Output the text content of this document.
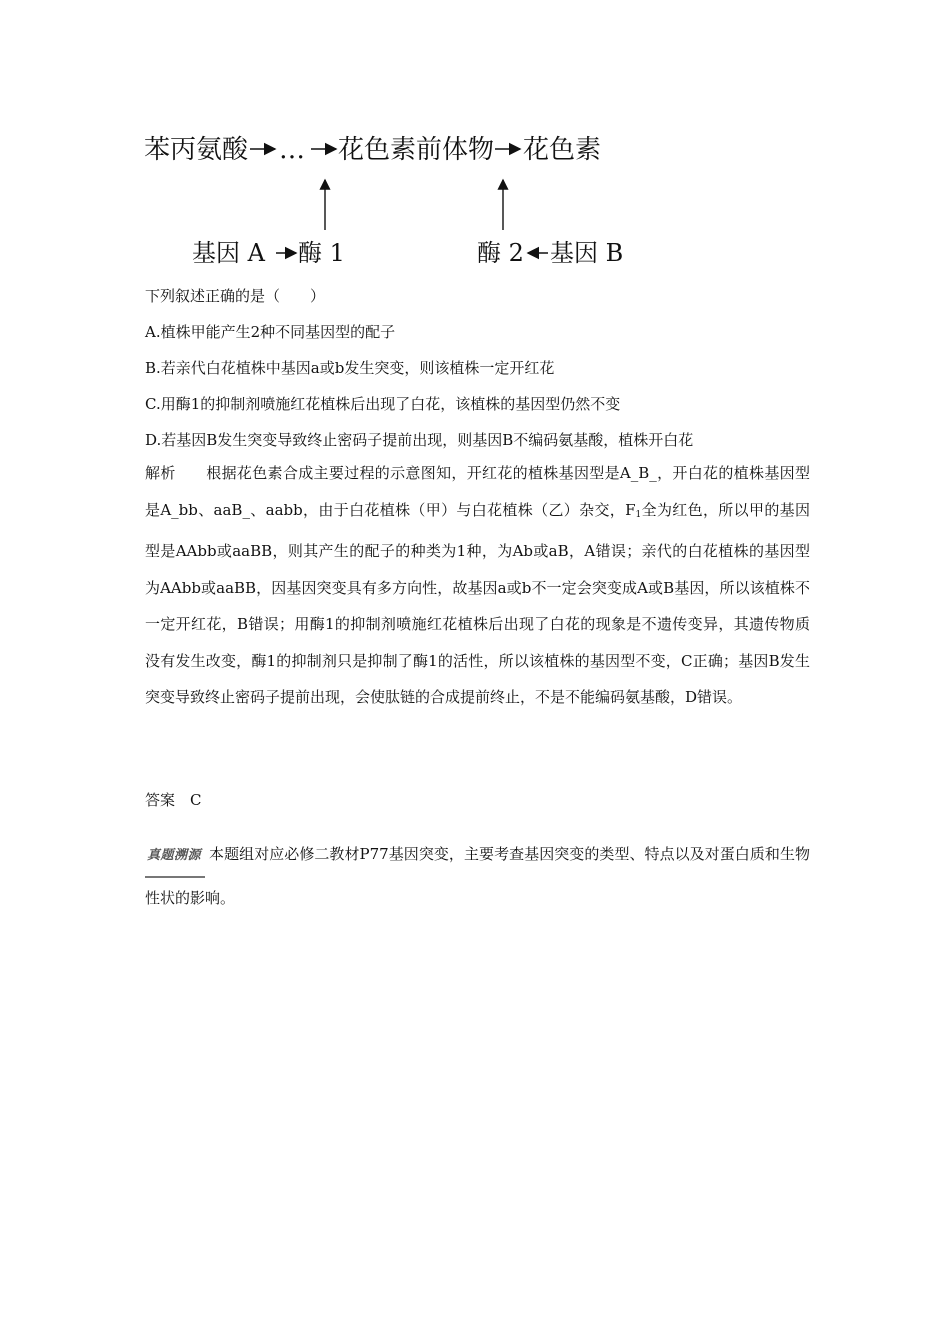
苯丙氨酸 … 花色素前体物 花色素
基因 A 酶 1	酶 2 基因 B
下列叙述正确的是（　　）
A.植株甲能产生2种不同基因型的配子
B.若亲代白花植株中基因a或b发生突变，则该植株一定开红花
C.用酶1的抑制剂喷施红花植株后出现了白花，该植株的基因型仍然不变
D.若基因B发生突变导致终止密码子提前出现，则基因B不编码氨基酸，植株开白花

解析　　 根据花色素合成主要过程的示意图知，开红花的植株基因型是A_B_，开白花的植株基因型是A_bb、aaB_、aabb，由于白花植株（甲）与白花植株（乙）杂交，$F_1$全为红色，所以甲的基因型是AAbb或aaBB，则其产生的配子的种类为1种，为Ab或aB，A错误；亲代的白花植株的基因型为AAbb或aaBB，因基因突变具有多方向性，故基因a或b不一定会突变成A或B基因，所以该植株不一定开红花，B错误；用酶1的抑制剂喷施红花植株后出现了白花的现象是不遗传变异，其遗传物质没有发生改变，酶1的抑制剂只是抑制了酶1的活性，所以该植株的基因型不变，C正确；基因B发生突变导致终止密码子提前出现，会使肽链的合成提前终止，不是不能编码氨基酸，D错误。

答案　 C

真题溯源 本题组对应必修二教材P77基因突变，主要考查基因突变的类型、特点以及对蛋白质和生物性状的影响。
